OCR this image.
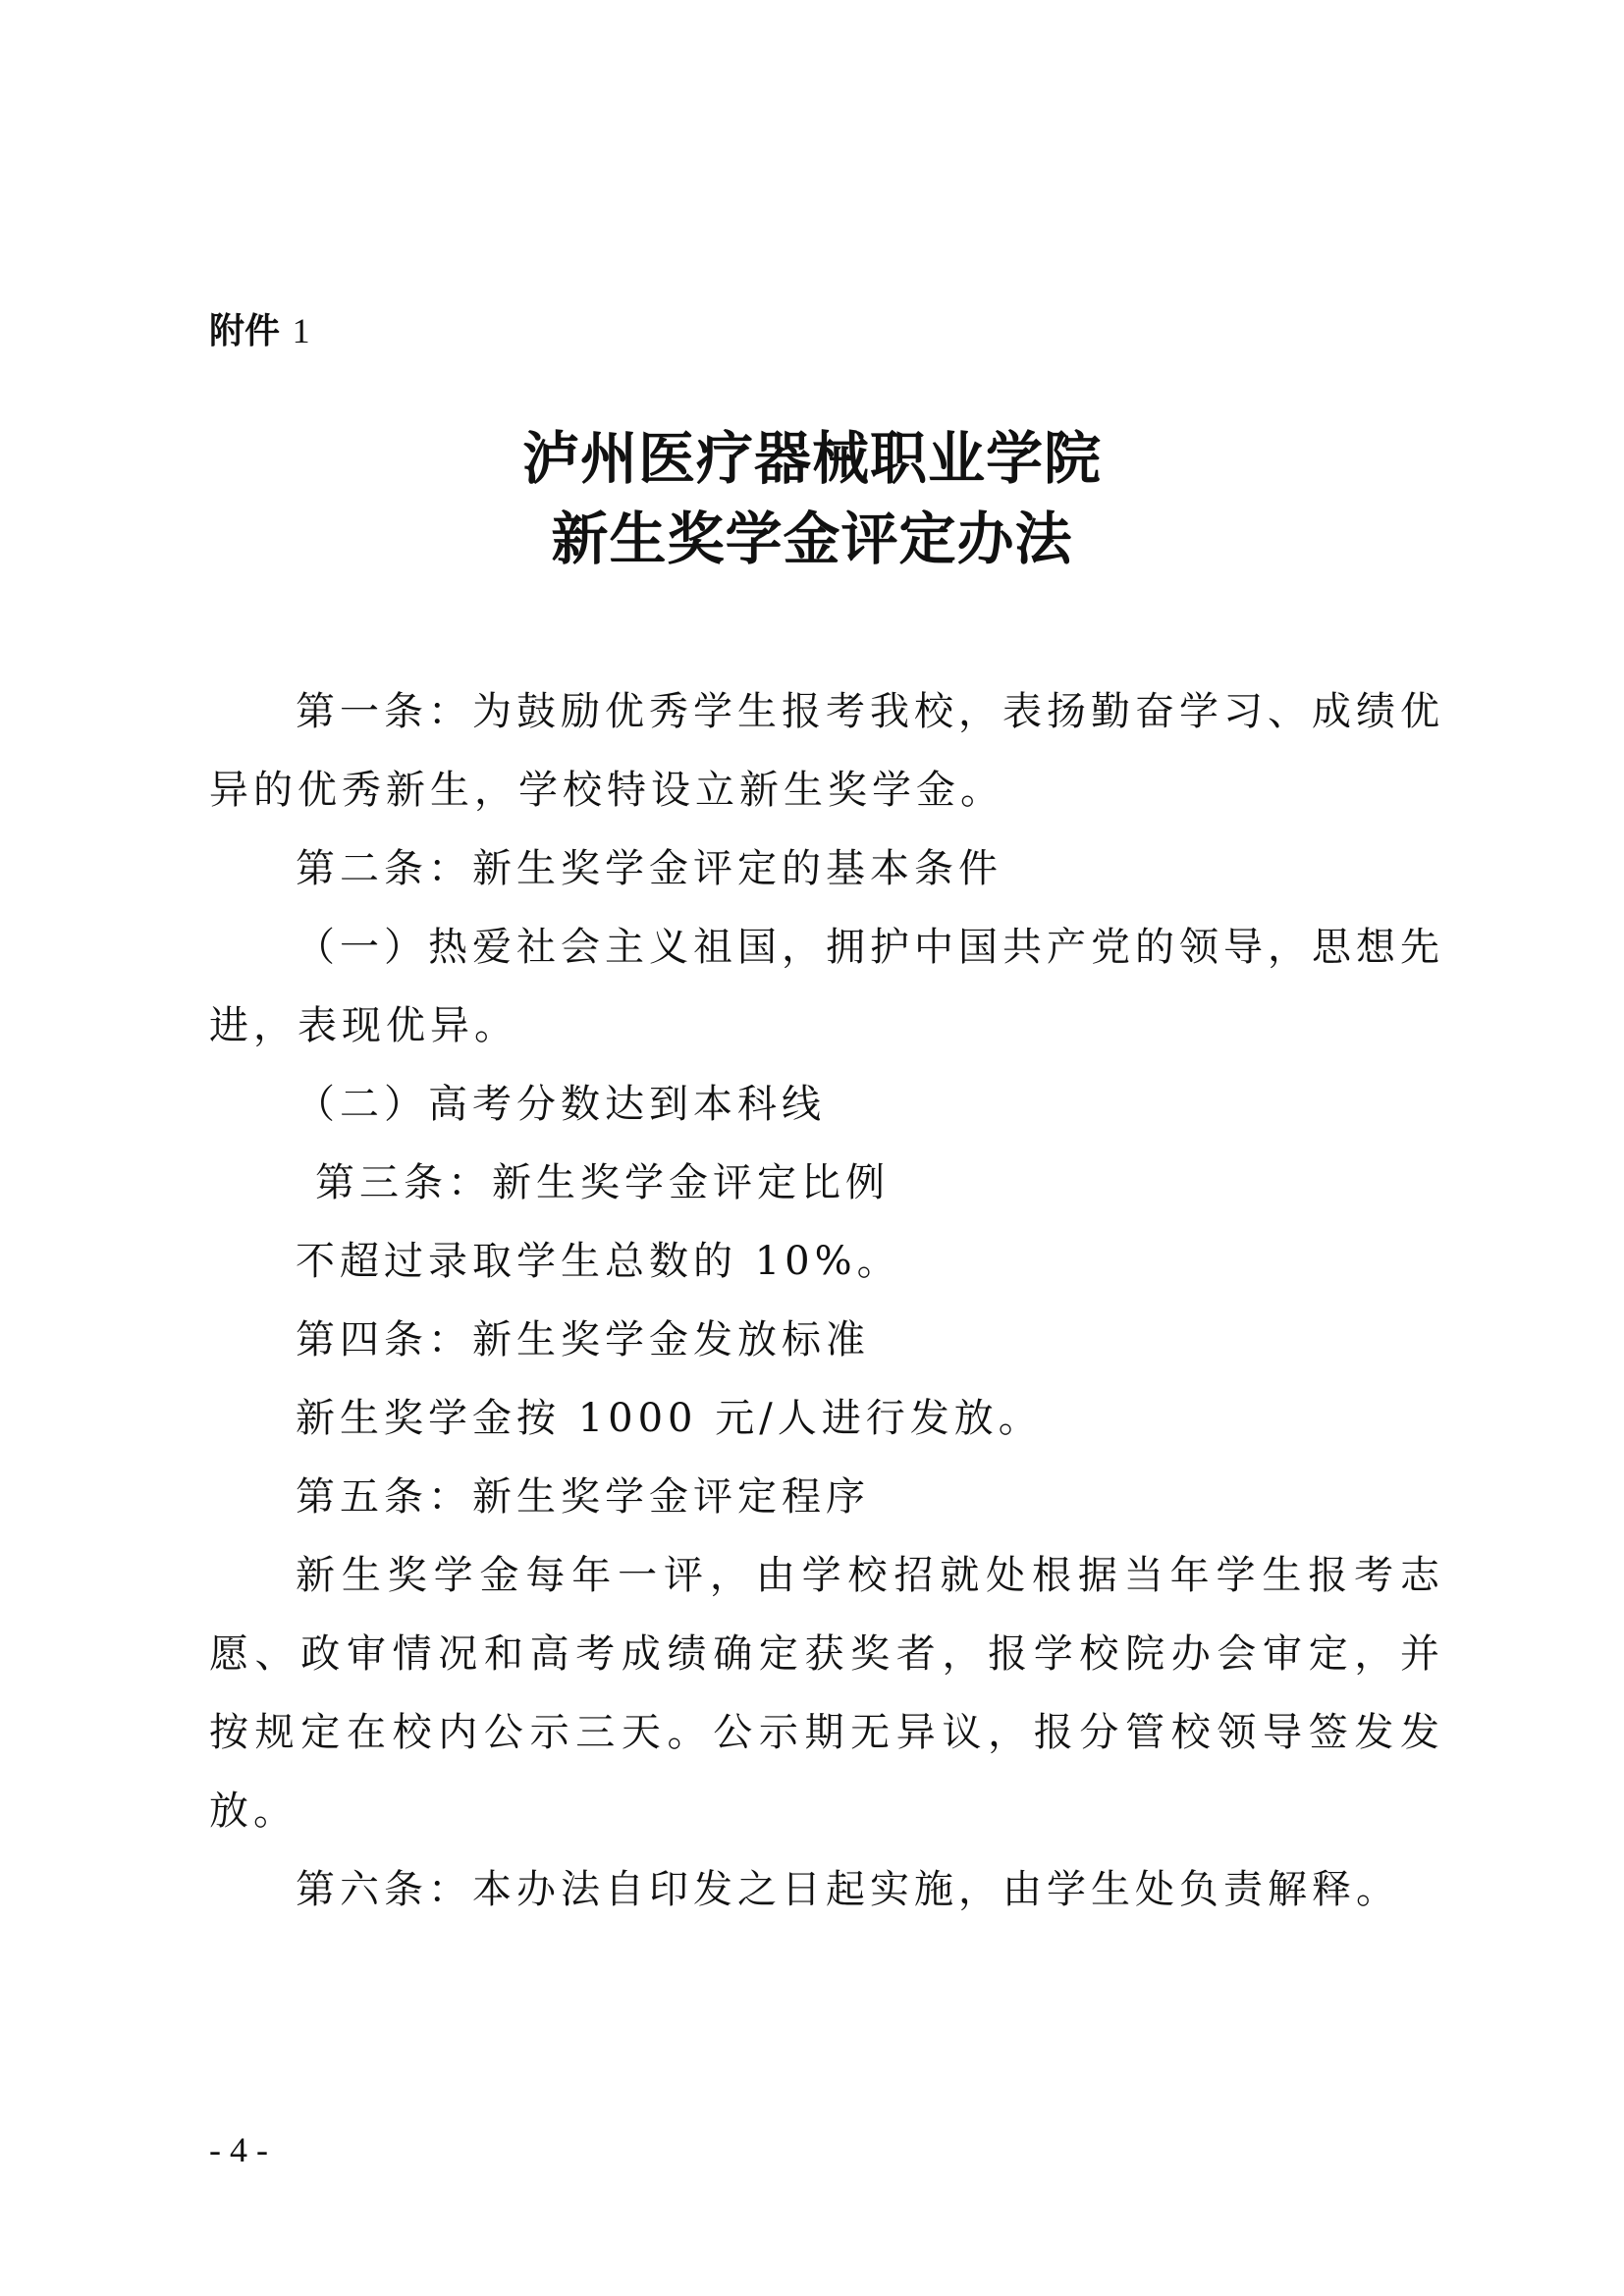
附件 1
泸州医疗器械职业学院
新生奖学金评定办法

第一条：为鼓励优秀学生报考我校，表扬勤奋学习、成绩优异的优秀新生，学校特设立新生奖学金。

第二条：新生奖学金评定的基本条件

（一）热爱社会主义祖国，拥护中国共产党的领导，思想先进，表现优异。

（二）高考分数达到本科线

第三条：新生奖学金评定比例

不超过录取学生总数的 10%。

第四条：新生奖学金发放标准

新生奖学金按 1000 元/人进行发放。

第五条：新生奖学金评定程序

新生奖学金每年一评，由学校招就处根据当年学生报考志愿、政审情况和高考成绩确定获奖者，报学校院办会审定，并按规定在校内公示三天。公示期无异议，报分管校领导签发发放。

第六条：本办法自印发之日起实施，由学生处负责解释。

- 4 -
